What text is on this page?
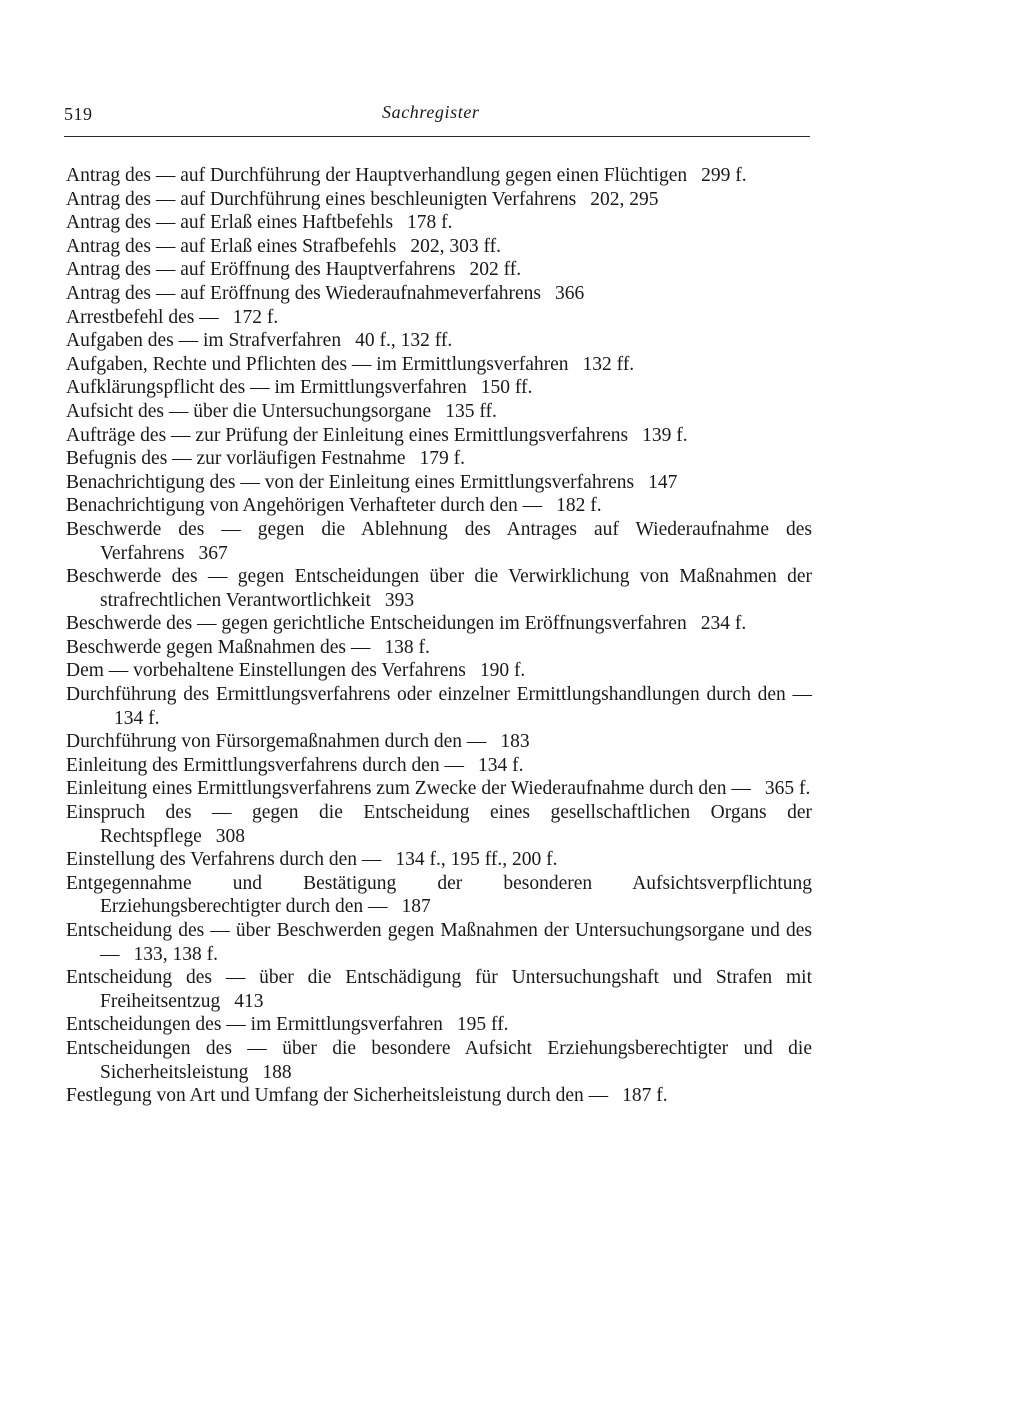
519	Sachregister

Antrag des — auf Durchführung der Hauptverhandlung gegen einen Flüchtigen 299 f.

Antrag des — auf Durchführung eines beschleunigten Verfahrens 202, 295

Antrag des — auf Erlaß eines Haftbefehls 178 f.

Antrag des — auf Erlaß eines Strafbefehls 202, 303 ff.

Antrag des — auf Eröffnung des Hauptverfahrens 202 ff.

Antrag des — auf Eröffnung des Wiederaufnahmeverfahrens 366

Arrestbefehl des — 172 f.

Aufgaben des — im Strafverfahren 40 f., 132 ff.

Aufgaben, Rechte und Pflichten des — im Ermittlungsverfahren 132 ff.

Aufklärungspflicht des — im Ermittlungsverfahren 150 ff.

Aufsicht des — über die Untersuchungsorgane 135 ff.

Aufträge des — zur Prüfung der Einleitung eines Ermittlungsverfahrens 139 f.

Befugnis des — zur vorläufigen Festnahme 179 f.

Benachrichtigung des — von der Einleitung eines Ermittlungsverfahrens 147

Benachrichtigung von Angehörigen Verhafteter durch den — 182 f.

Beschwerde des — gegen die Ablehnung des Antrages auf Wiederaufnahme des Verfahrens 367

Beschwerde des — gegen Entscheidungen über die Verwirklichung von Maßnahmen der strafrechtlichen Verantwortlichkeit 393

Beschwerde des — gegen gerichtliche Entscheidungen im Eröffnungsverfahren 234 f.

Beschwerde gegen Maßnahmen des — 138 f.

Dem — vorbehaltene Einstellungen des Verfahrens 190 f.

Durchführung des Ermittlungsverfahrens oder einzelner Ermittlungshandlungen durch den —134 f.

Durchführung von Fürsorgemaßnahmen durch den — 183

Einleitung des Ermittlungsverfahrens durch den — 134 f.

Einleitung eines Ermittlungsverfahrens zum Zwecke der Wiederaufnahme durch den — 365 f.

Einspruch des — gegen die Entscheidung eines gesellschaftlichen Organs der Rechtspflege 308

Einstellung des Verfahrens durch den — 134 f., 195 ff., 200 f.

Entgegennahme und Bestätigung der besonderen Aufsichtsverpflichtung Erziehungsberechtigter durch den — 187

Entscheidung des — über Beschwerden gegen Maßnahmen der Untersuchungsorgane und des — 133, 138 f.

Entscheidung des — über die Entschädigung für Untersuchungshaft und Strafen mit Freiheitsentzug 413

Entscheidungen des — im Ermittlungsverfahren 195 ff.

Entscheidungen des — über die besondere Aufsicht Erziehungsberechtigter und die Sicherheitsleistung 188

Festlegung von Art und Umfang der Sicherheitsleistung durch den — 187 f.
